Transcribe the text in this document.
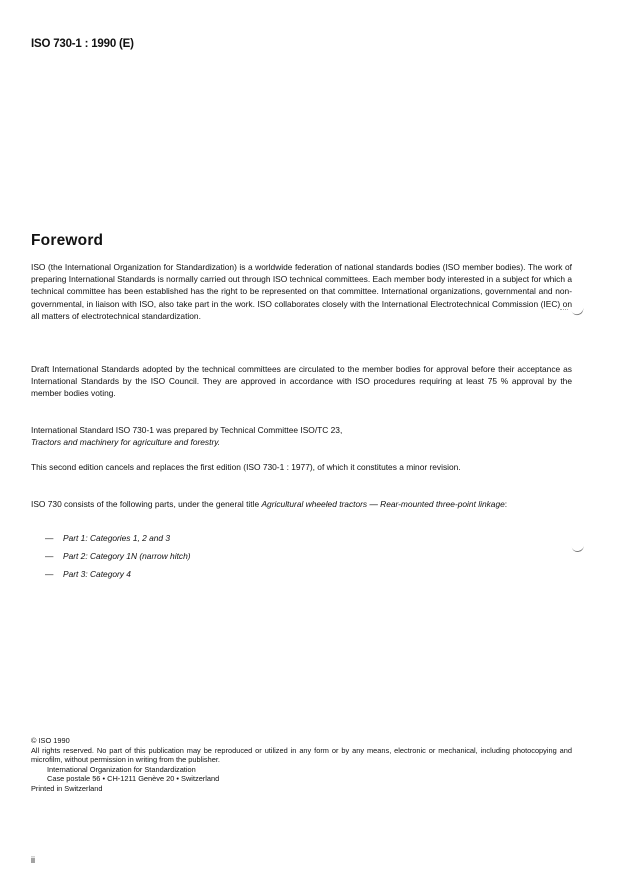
ISO 730-1 : 1990 (E)
Foreword

ISO (the International Organization for Standardization) is a worldwide federation of national standards bodies (ISO member bodies). The work of preparing International Standards is normally carried out through ISO technical committees. Each member body interested in a subject for which a technical committee has been established has the right to be represented on that committee. International organizations, governmental and non-governmental, in liaison with ISO, also take part in the work. ISO collaborates closely with the International Electrotechnical Commission (IEC) on all matters of electrotechnical standardization.

Draft International Standards adopted by the technical committees are circulated to the member bodies for approval before their acceptance as International Standards by the ISO Council. They are approved in accordance with ISO procedures requiring at least 75 % approval by the member bodies voting.

International Standard ISO 730-1 was prepared by Technical Committee ISO/TC 23,
Tractors and machinery for agriculture and forestry.

This second edition cancels and replaces the first edition (ISO 730-1 : 1977), of which it constitutes a minor revision.

ISO 730 consists of the following parts, under the general title Agricultural wheeled tractors — Rear-mounted three-point linkage:

—	Part 1: Categories 1, 2 and 3
—	Part 2: Category 1N (narrow hitch)
—	Part 3: Category 4
© ISO 1990
All rights reserved. No part of this publication may be reproduced or utilized in any form or by any means, electronic or mechanical, including photocopying and microfilm, without permission in writing from the publisher.
International Organization for Standardization
Case postale 56 • CH-1211 Genève 20 • Switzerland
Printed in Switzerland
ii
